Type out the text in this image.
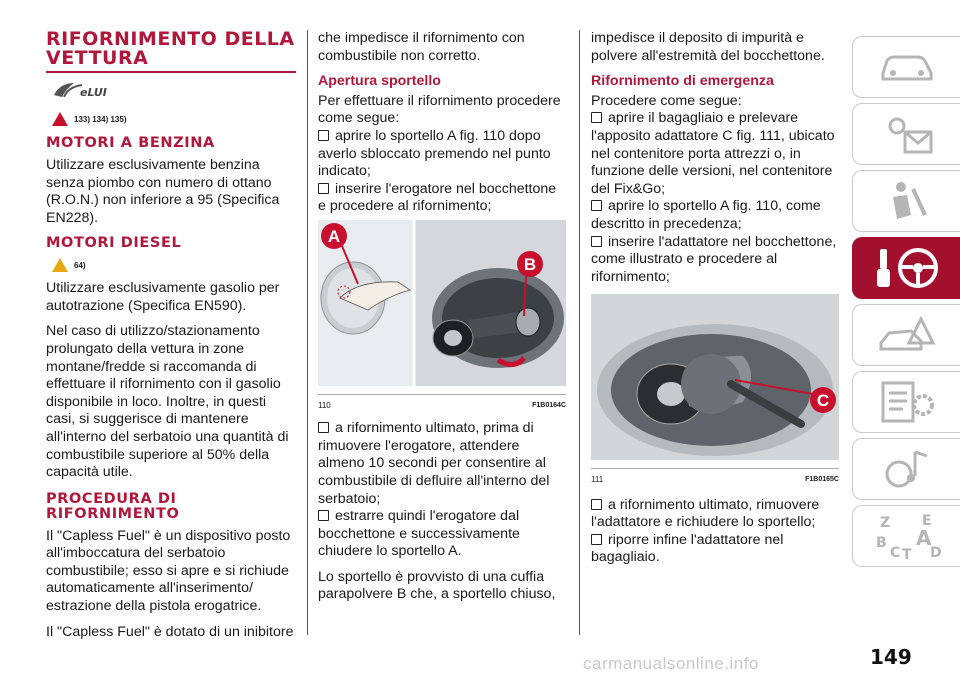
RIFORNIMENTO DELLA VETTURA
eLUI
133) 134) 135)
MOTORI A BENZINA

Utilizzare esclusivamente benzina senza piombo con numero di ottano (R.O.N.) non inferiore a 95 (Specifica EN228).

MOTORI DIESEL
64)

Utilizzare esclusivamente gasolio per autotrazione (Specifica EN590).

Nel caso di utilizzo/stazionamento prolungato della vettura in zone montane/fredde si raccomanda di effettuare il rifornimento con il gasolio disponibile in loco. Inoltre, in questi casi, si suggerisce di mantenere all'interno del serbatoio una quantità di combustibile superiore al 50% della capacità utile.

PROCEDURA DI RIFORNIMENTO

Il "Capless Fuel" è un dispositivo posto all'imboccatura del serbatoio combustibile; esso si apre e si richiude automaticamente all'inserimento/ estrazione della pistola erogatrice.

Il "Capless Fuel" è dotato di un inibitore

che impedisce il rifornimento con combustibile non corretto.

Apertura sportello

Per effettuare il rifornimento procedere come segue:

aprire lo sportello A fig. 110 dopo averlo sbloccato premendo nel punto indicato;
inserire l'erogatore nel bocchettone e procedere al rifornimento;
A
B
110	F1B0164C
a rifornimento ultimato, prima di rimuovere l'erogatore, attendere almeno 10 secondi per consentire al combustibile di defluire all'interno del serbatoio;
estrarre quindi l'erogatore dal bocchettone e successivamente chiudere lo sportello A.

Lo sportello è provvisto di una cuffia parapolvere B che, a sportello chiuso,

impedisce il deposito di impurità e polvere all'estremità del bocchettone.

Rifornimento di emergenza

Procedere come segue:

aprire il bagagliaio e prelevare l'apposito adattatore C fig. 111, ubicato nel contenitore porta attrezzi o, in funzione delle versioni, nel contenitore del Fix&Go;
aprire lo sportello A fig. 110, come descritto in precedenza;
inserire l'adattatore nel bocchettone, come illustrato e procedere al rifornimento;
C
111	F1B0165C
a rifornimento ultimato, rimuovere l'adattatore e richiudere lo sportello;
riporre infine l'adattatore nel bagagliaio.
Z E
B A
C T D
carmanualsonline.info	149
